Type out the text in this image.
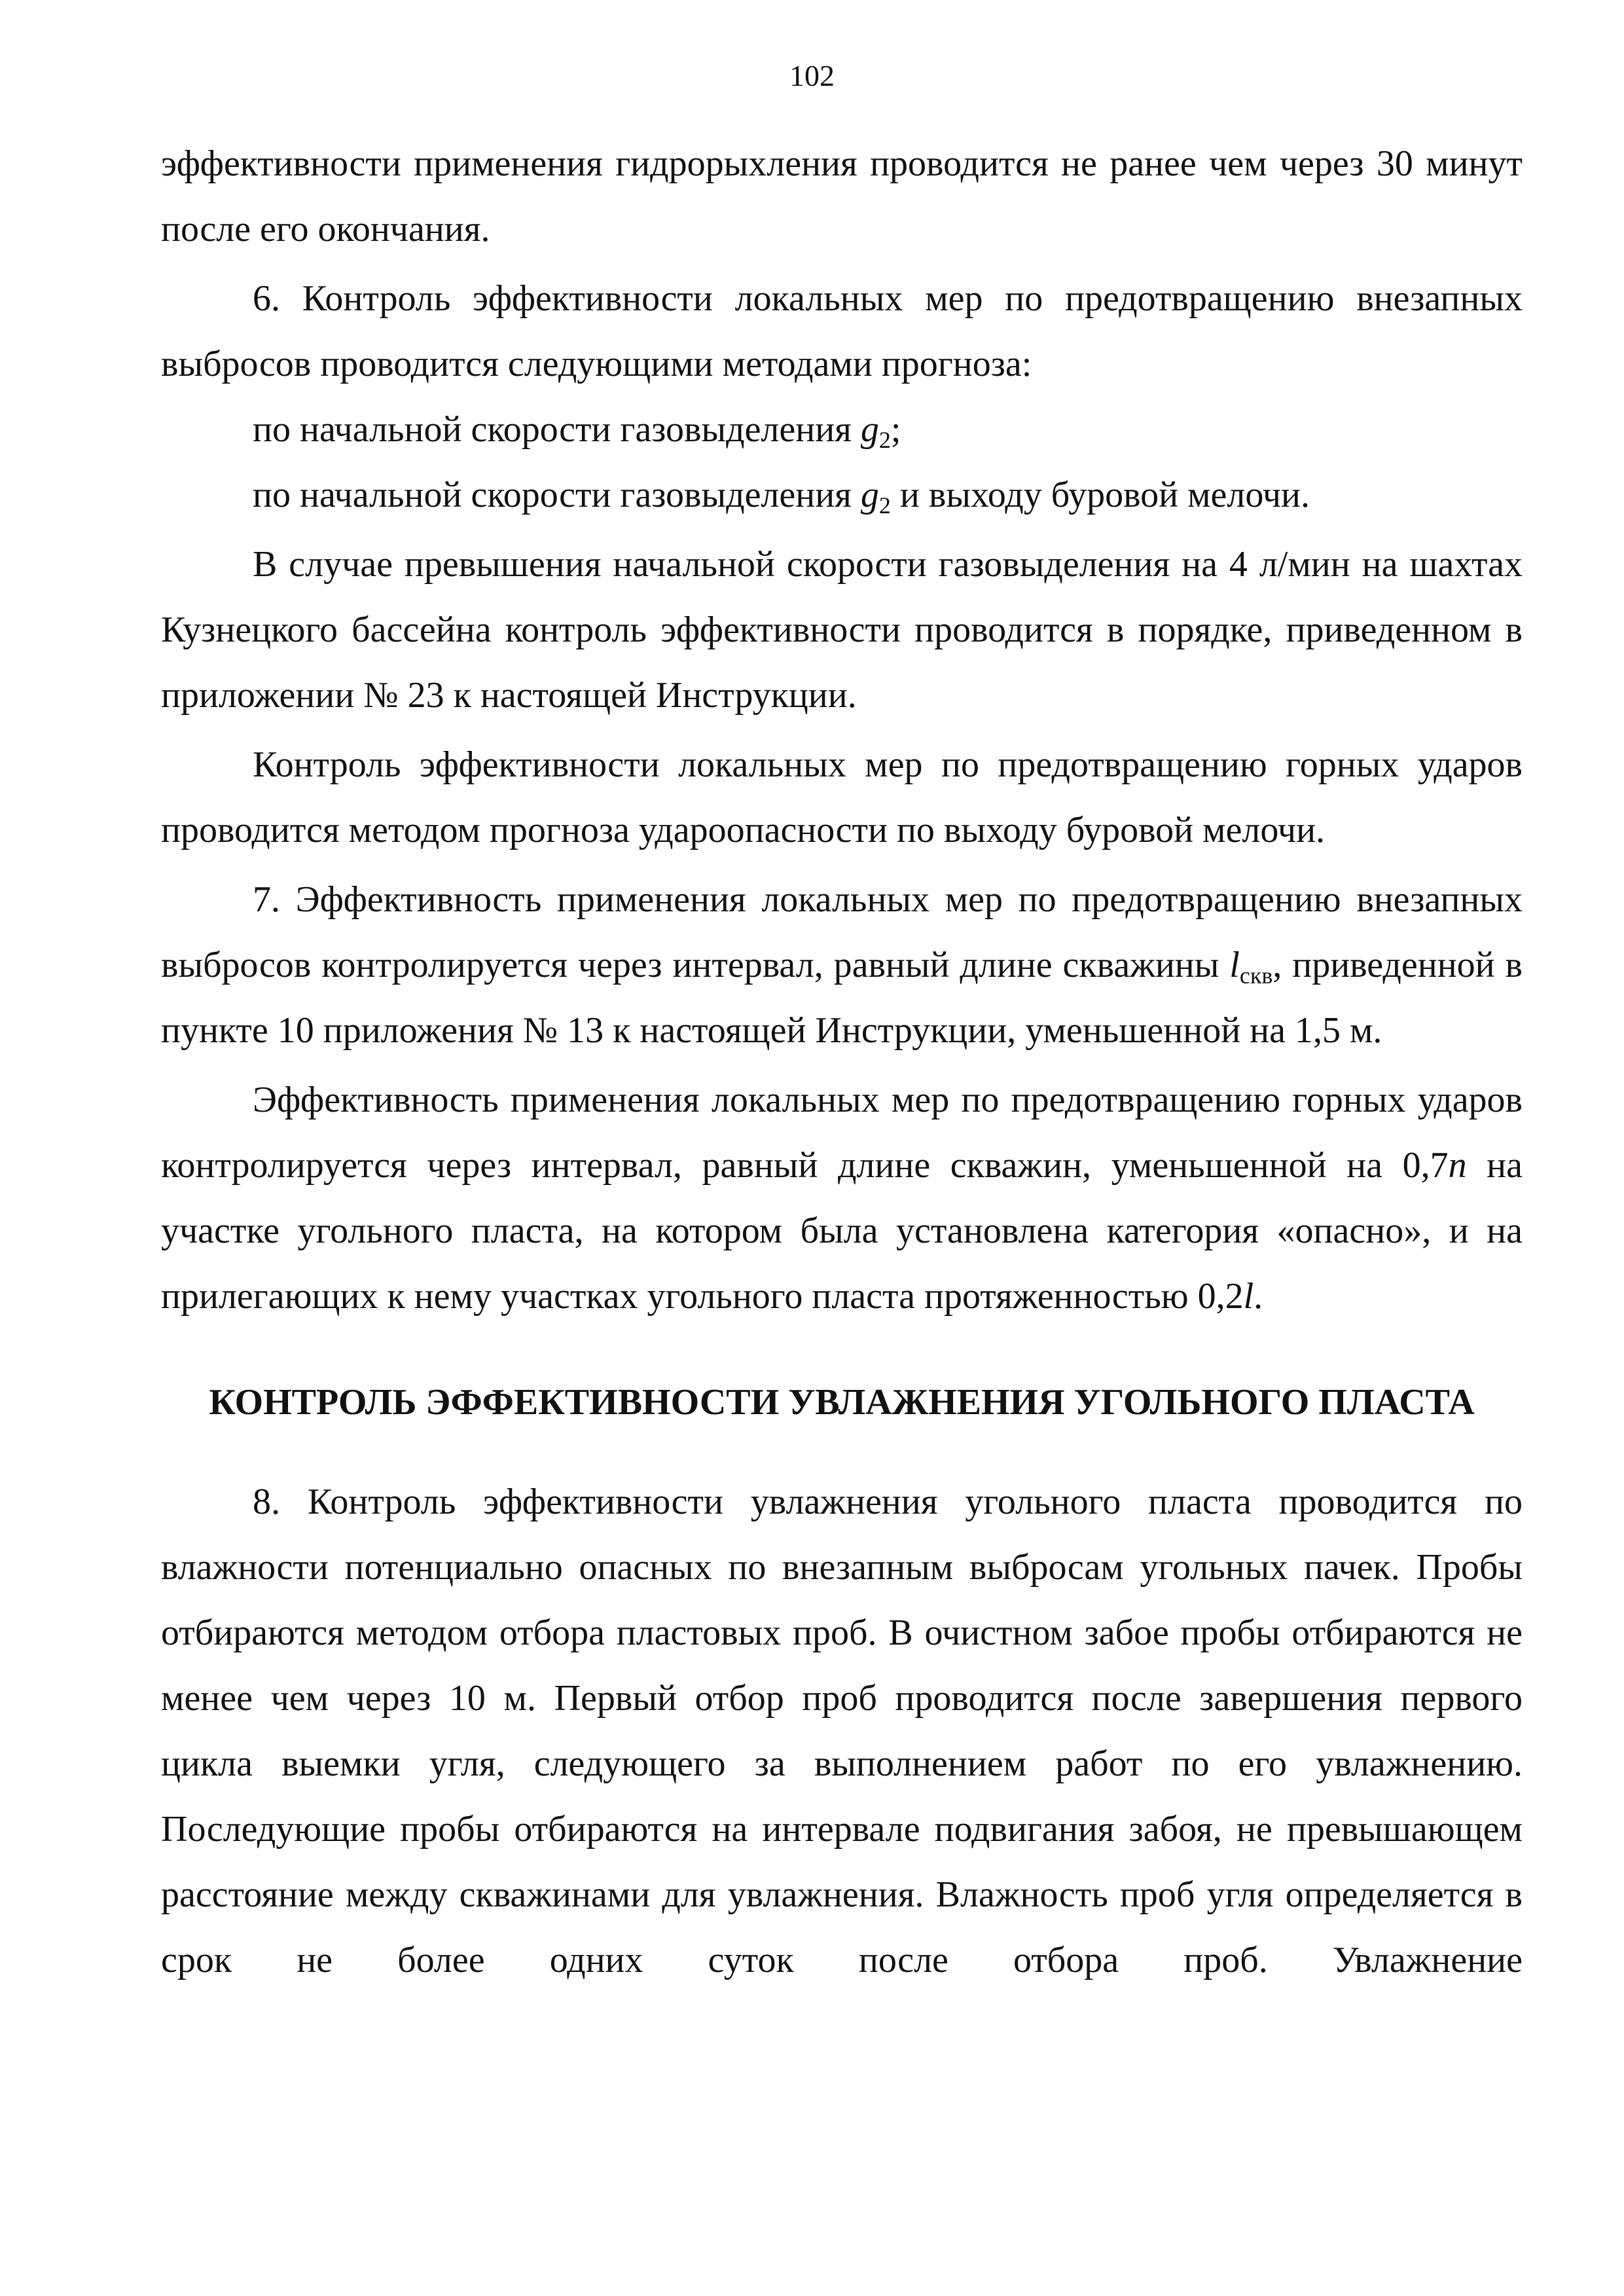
102

эффективности применения гидрорыхления проводится не ранее чем через 30 минут после его окончания.

6. Контроль эффективности локальных мер по предотвращению внезапных выбросов проводится следующими методами прогноза:

по начальной скорости газовыделения $g_2$;

по начальной скорости газовыделения $g_2$ и выходу буровой мелочи.

В случае превышения начальной скорости газовыделения на 4 л/мин на шахтах Кузнецкого бассейна контроль эффективности проводится в порядке, приведенном в приложении № 23 к настоящей Инструкции.

Контроль эффективности локальных мер по предотвращению горных ударов проводится методом прогноза удароопасности по выходу буровой мелочи.

7. Эффективность применения локальных мер по предотвращению внезапных выбросов контролируется через интервал, равный длине скважины $l_{скв}$, приведенной в пункте 10 приложения № 13 к настоящей Инструкции, уменьшенной на 1,5 м.

Эффективность применения локальных мер по предотвращению горных ударов контролируется через интервал, равный длине скважин, уменьшенной на 0,7n на участке угольного пласта, на котором была установлена категория «опасно», и на прилегающих к нему участках угольного пласта протяженностью 0,2l.

КОНТРОЛЬ ЭФФЕКТИВНОСТИ УВЛАЖНЕНИЯ УГОЛЬНОГО ПЛАСТА

8. Контроль эффективности увлажнения угольного пласта проводится по влажности потенциально опасных по внезапным выбросам угольных пачек. Пробы отбираются методом отбора пластовых проб. В очистном забое пробы отбираются не менее чем через 10 м. Первый отбор проб проводится после завершения первого цикла выемки угля, следующего за выполнением работ по его увлажнению. Последующие пробы отбираются на интервале подвигания забоя, не превышающем расстояние между скважинами для увлажнения. Влажность проб угля определяется в срок не более одних суток после отбора проб. Увлажнение
